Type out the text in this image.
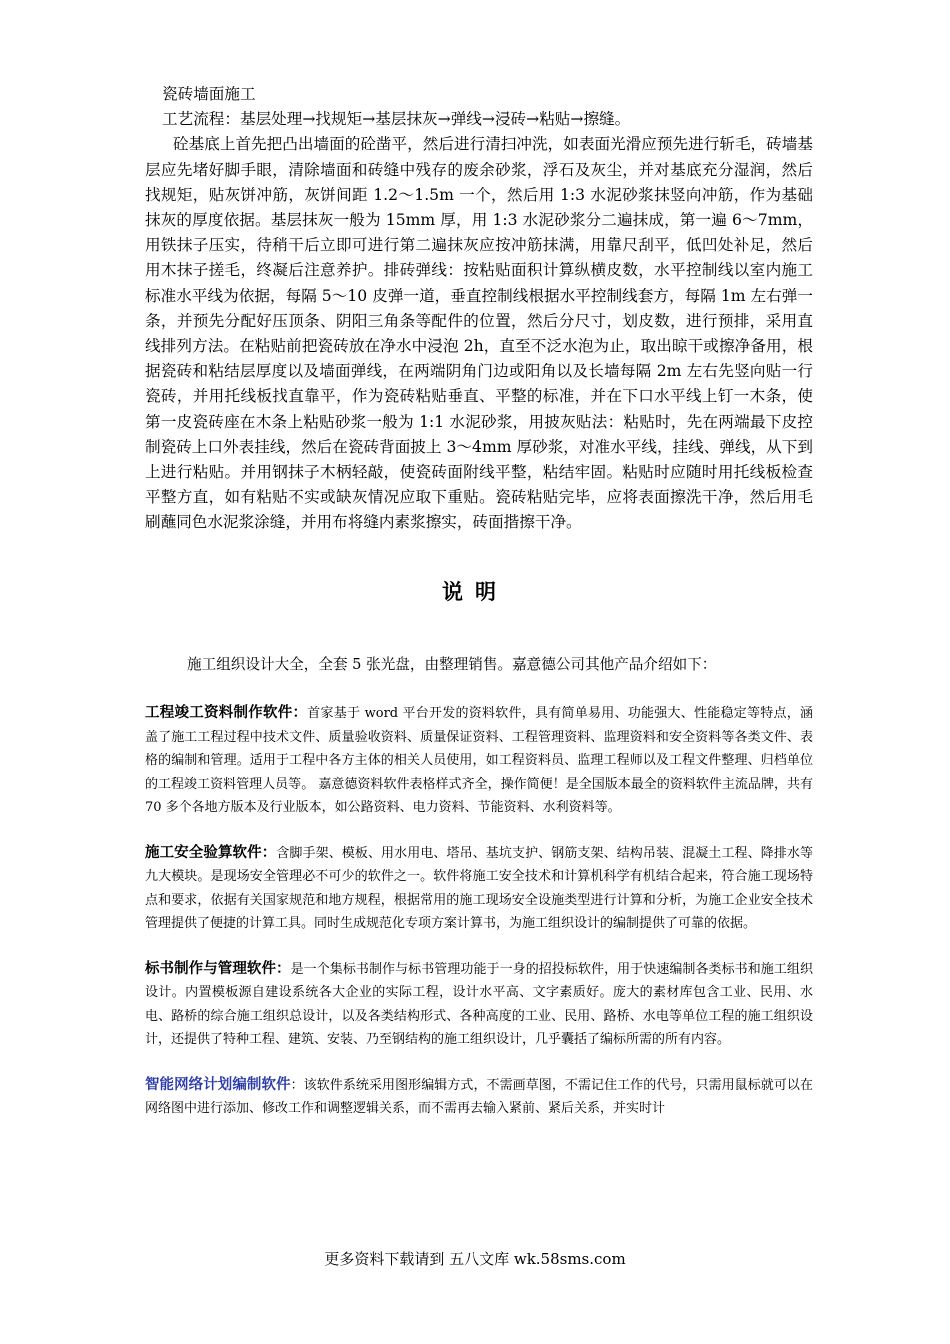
瓷砖墙面施工

工艺流程：基层处理→找规矩→基层抹灰→弹线→浸砖→粘贴→擦缝。

砼基底上首先把凸出墙面的砼凿平，然后进行清扫冲洗，如表面光滑应预先进行斩毛，砖墙基层应先堵好脚手眼，清除墙面和砖缝中残存的废余砂浆，浮石及灰尘，并对基底充分湿润，然后找规矩，贴灰饼冲筋，灰饼间距 1.2～1.5m 一个，然后用 1:3 水泥砂浆抹竖向冲筋，作为基础抹灰的厚度依据。基层抹灰一般为 15mm 厚，用 1:3 水泥砂浆分二遍抹成，第一遍 6～7mm，用铁抹子压实，待稍干后立即可进行第二遍抹灰应按冲筋抹满，用靠尺刮平，低凹处补足，然后用木抹子搓毛，终凝后注意养护。排砖弹线：按粘贴面积计算纵横皮数，水平控制线以室内施工标准水平线为依据，每隔 5～10 皮弹一道，垂直控制线根据水平控制线套方，每隔 1m 左右弹一条，并预先分配好压顶条、阴阳三角条等配件的位置，然后分尺寸，划皮数，进行预排，采用直线排列方法。在粘贴前把瓷砖放在净水中浸泡 2h，直至不泛水泡为止，取出晾干或擦净备用，根据瓷砖和粘结层厚度以及墙面弹线，在两端阴角门边或阳角以及长墙每隔 2m 左右先竖向贴一行瓷砖，并用托线板找直靠平，作为瓷砖粘贴垂直、平整的标准，并在下口水平线上钉一木条，使第一皮瓷砖座在木条上粘贴砂浆一般为 1:1 水泥砂浆，用披灰贴法：粘贴时，先在两端最下皮控制瓷砖上口外表挂线，然后在瓷砖背面披上 3～4mm 厚砂浆，对准水平线，挂线、弹线，从下到上进行粘贴。并用钢抹子木柄轻敲，使瓷砖面附线平整，粘结牢固。粘贴时应随时用托线板检查平整方直，如有粘贴不实或缺灰情况应取下重贴。瓷砖粘贴完毕，应将表面擦洗干净，然后用毛刷蘸同色水泥浆涂缝，并用布将缝内素浆擦实，砖面揩擦干净。

说明

施工组织设计大全，全套 5 张光盘，由整理销售。嘉意德公司其他产品介绍如下：

工程竣工资料制作软件：首家基于 word 平台开发的资料软件，具有简单易用、功能强大、性能稳定等特点，涵盖了施工工程过程中技术文件、质量验收资料、质量保证资料、工程管理资料、监理资料和安全资料等各类文件、表格的编制和管理。适用于工程中各方主体的相关人员使用，如工程资料员、监理工程师以及工程文件整理、归档单位的工程竣工资料管理人员等。 嘉意德资料软件表格样式齐全，操作简便！是全国版本最全的资料软件主流品牌，共有 70 多个各地方版本及行业版本，如公路资料、电力资料、节能资料、水利资料等。

施工安全验算软件：含脚手架、模板、用水用电、塔吊、基坑支护、钢筋支架、结构吊装、混凝土工程、降排水等九大模块。是现场安全管理必不可少的软件之一。软件将施工安全技术和计算机科学有机结合起来，符合施工现场特点和要求，依据有关国家规范和地方规程，根据常用的施工现场安全设施类型进行计算和分析，为施工企业安全技术管理提供了便捷的计算工具。同时生成规范化专项方案计算书，为施工组织设计的编制提供了可靠的依据。

标书制作与管理软件：是一个集标书制作与标书管理功能于一身的招投标软件，用于快速编制各类标书和施工组织设计。内置模板源自建设系统各大企业的实际工程，设计水平高、文字素质好。庞大的素材库包含工业、民用、水电、路桥的综合施工组织总设计，以及各类结构形式、各种高度的工业、民用、路桥、水电等单位工程的施工组织设计，还提供了特种工程、建筑、安装、乃至钢结构的施工组织设计，几乎囊括了编标所需的所有内容。

智能网络计划编制软件：该软件系统采用图形编辑方式，不需画草图，不需记住工作的代号，只需用鼠标就可以在网络图中进行添加、修改工作和调整逻辑关系，而不需再去输入紧前、紧后关系，并实时计

更多资料下载请到 五八文库 wk.58sms.com
